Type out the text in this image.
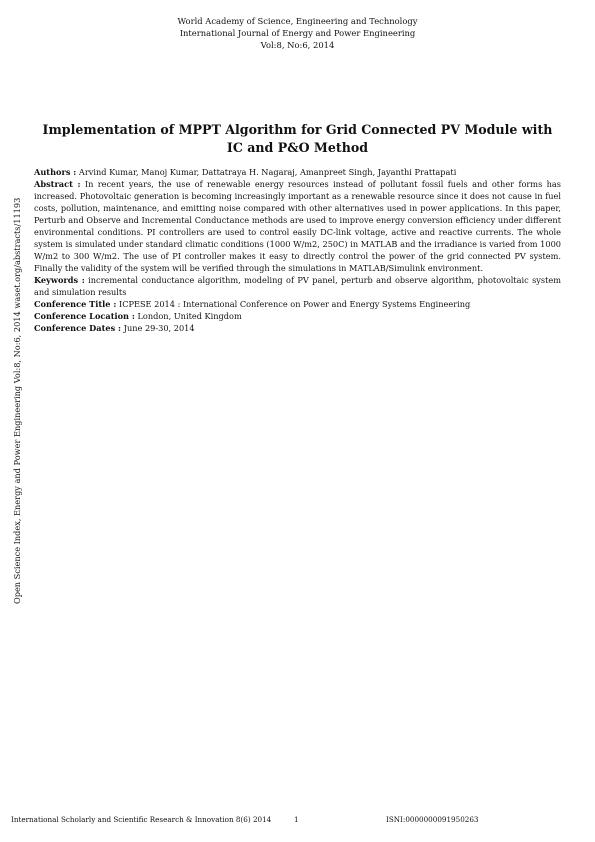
World Academy of Science, Engineering and Technology
International Journal of Energy and Power Engineering
Vol:8, No:6, 2014
Implementation of MPPT Algorithm for Grid Connected PV Module with IC and P&O Method

Authors : Arvind Kumar, Manoj Kumar, Dattatraya H. Nagaraj, Amanpreet Singh, Jayanthi Prattapati

Abstract : In recent years, the use of renewable energy resources instead of pollutant fossil fuels and other forms has increased. Photovoltaic generation is becoming increasingly important as a renewable resource since it does not cause in fuel costs, pollution, maintenance, and emitting noise compared with other alternatives used in power applications. In this paper, Perturb and Observe and Incremental Conductance methods are used to improve energy conversion efficiency under different environmental conditions. PI controllers are used to control easily DC-link voltage, active and reactive currents. The whole system is simulated under standard climatic conditions (1000 W/m2, 250C) in MATLAB and the irradiance is varied from 1000 W/m2 to 300 W/m2. The use of PI controller makes it easy to directly control the power of the grid connected PV system. Finally the validity of the system will be verified through the simulations in MATLAB/Simulink environment.

Keywords : incremental conductance algorithm, modeling of PV panel, perturb and observe algorithm, photovoltaic system and simulation results

Conference Title : ICPESE 2014 : International Conference on Power and Energy Systems Engineering

Conference Location : London, United Kingdom

Conference Dates : June 29-30, 2014

Open Science Index, Energy and Power Engineering Vol:8, No:6, 2014 waset.org/abstracts/11193
International Scholarly and Scientific Research & Innovation 8(6) 2014	1	ISNI:0000000091950263
